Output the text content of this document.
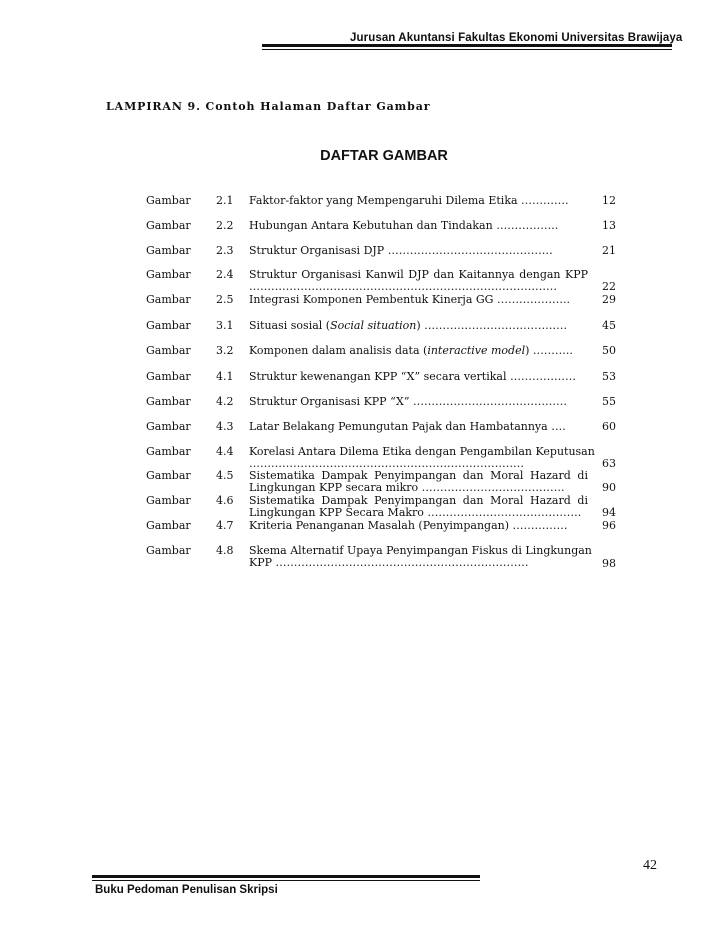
Jurusan Akuntansi Fakultas Ekonomi Universitas Brawijaya
LAMPIRAN 9. Contoh Halaman Daftar Gambar
DAFTAR GAMBAR
Gambar 2.1 Faktor-faktor yang Mempengaruhi Dilema Etika ………….	12
Gambar 2.2 Hubungan Antara Kebutuhan dan Tindakan ……………..	13
Gambar 2.3 Struktur Organisasi DJP ………………………………………	21
Gambar 2.4 Struktur Organisasi Kanwil DJP dan Kaitannya dengan KPP
…………………………………………………………………………	22
Gambar 2.5 Integrasi Komponen Pembentuk Kinerja GG ………………..	29
Gambar 3.1 Situasi sosial (Social situation) …………………………………	45
Gambar 3.2 Komponen dalam analisis data (interactive model) ………..	50
Gambar 4.1 Struktur kewenangan KPP “X” secara vertikal ………………	53
Gambar 4.2 Struktur Organisasi KPP “X” ……………………………………	55
Gambar 4.3 Latar Belakang Pemungutan Pajak dan Hambatannya ….	60
Gambar 4.4 Korelasi Antara Dilema Etika dengan Pengambilan Keputusan
…………………………………………………………………	63
Gambar 4.5 Sistematika Dampak Penyimpangan dan Moral Hazard di
Lingkungan KPP secara mikro …………………………………	90
Gambar 4.6 Sistematika Dampak Penyimpangan dan Moral Hazard di
Lingkungan KPP Secara Makro ……………………………………	94
Gambar 4.7 Kriteria Penanganan Masalah (Penyimpangan) ……………	96
Gambar 4.8 Skema Alternatif Upaya Penyimpangan Fiskus di Lingkungan
KPP ……………………………………………………………	98
42
Buku Pedoman Penulisan Skripsi
